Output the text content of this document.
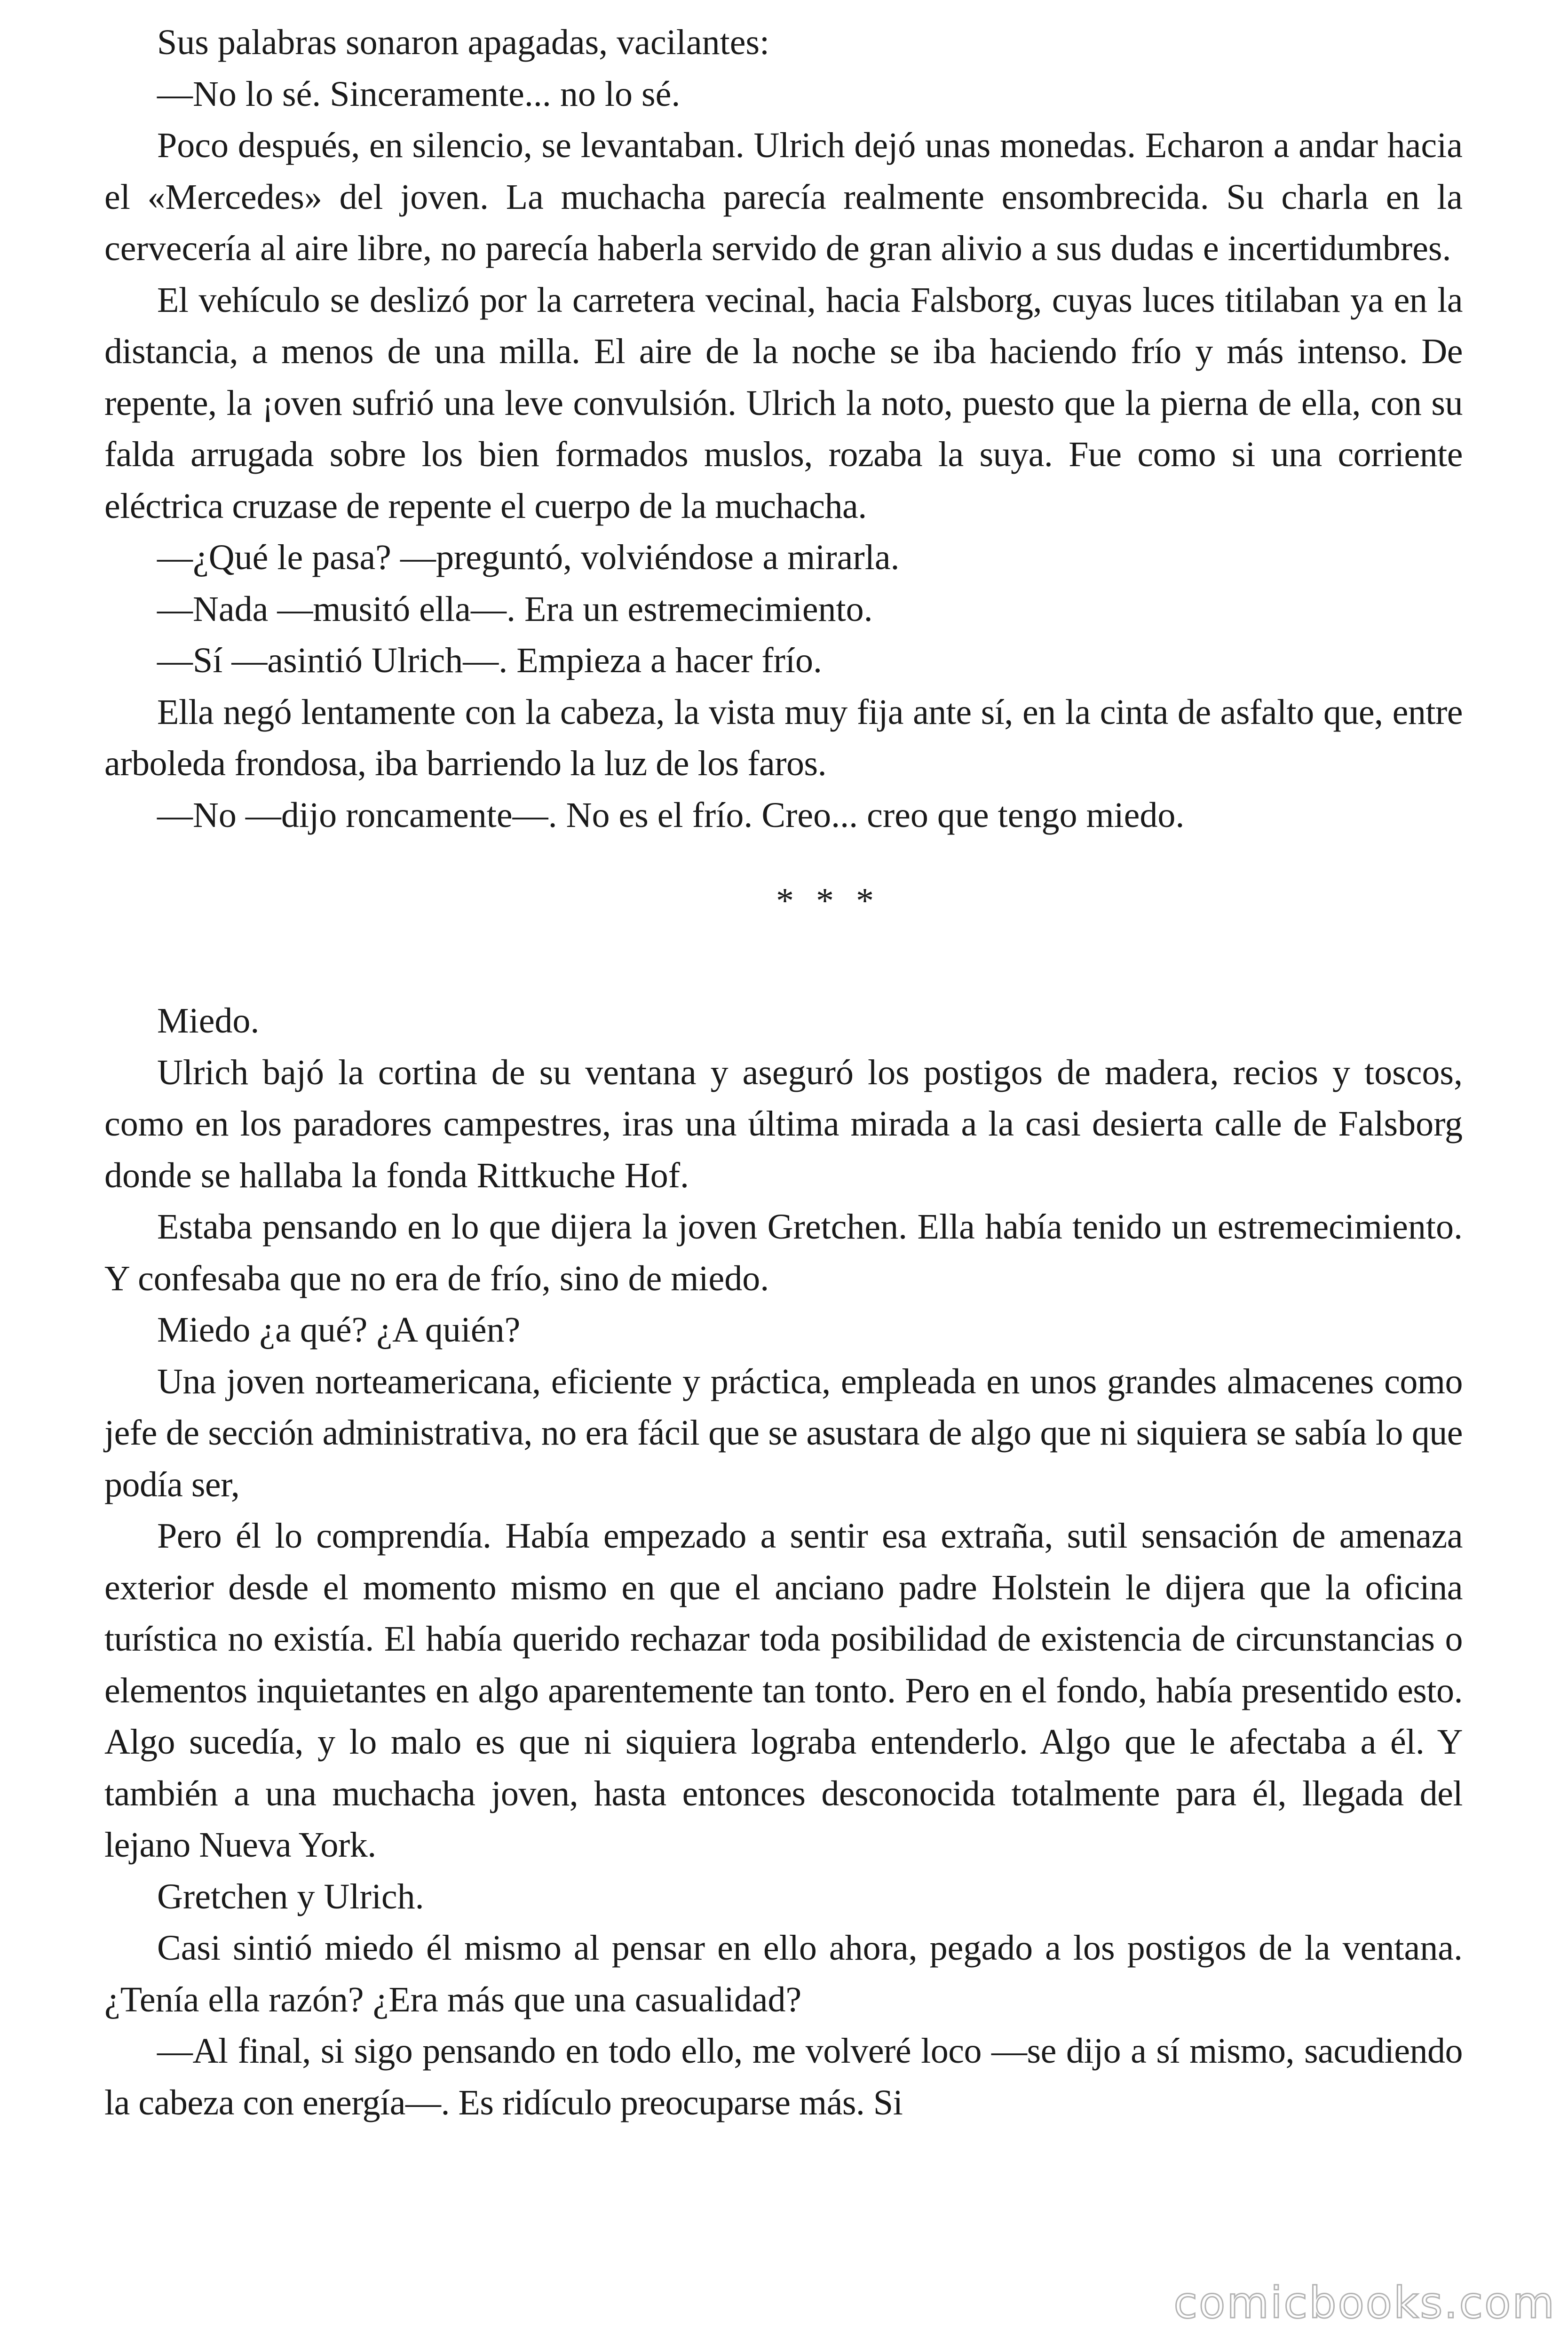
Sus palabras sonaron apagadas, vacilantes:

—No lo sé. Sinceramente... no lo sé.

Poco después, en silencio, se levantaban. Ulrich dejó unas monedas. Echaron a andar hacia el «Mercedes» del joven. La muchacha parecía realmente ensombrecida. Su charla en la cervecería al aire libre, no parecía haberla servido de gran alivio a sus dudas e incertidumbres.

El vehículo se deslizó por la carretera vecinal, hacia Falsborg, cuyas luces titilaban ya en la distancia, a menos de una milla. El aire de la noche se iba haciendo frío y más intenso. De repente, la ¡oven sufrió una leve convulsión. Ulrich la noto, puesto que la pierna de ella, con su falda arrugada sobre los bien formados muslos, rozaba la suya. Fue como si una corriente eléctrica cruzase de repente el cuerpo de la muchacha.

—¿Qué le pasa? —preguntó, volviéndose a mirarla.

—Nada —musitó ella—. Era un estremecimiento.

—Sí —asintió Ulrich—. Empieza a hacer frío.

Ella negó lentamente con la cabeza, la vista muy fija ante sí, en la cinta de asfalto que, entre arboleda frondosa, iba barriendo la luz de los faros.

—No —dijo roncamente—. No es el frío. Creo... creo que tengo miedo.

* * *

Miedo.

Ulrich bajó la cortina de su ventana y aseguró los postigos de madera, recios y toscos, como en los paradores campestres, iras una última mirada a la casi desierta calle de Falsborg donde se hallaba la fonda Rittkuche Hof.

Estaba pensando en lo que dijera la joven Gretchen. Ella había tenido un estremecimiento. Y confesaba que no era de frío, sino de miedo.

Miedo ¿a qué? ¿A quién?

Una joven norteamericana, eficiente y práctica, empleada en unos grandes almacenes como jefe de sección administrativa, no era fácil que se asustara de algo que ni siquiera se sabía lo que podía ser,

Pero él lo comprendía. Había empezado a sentir esa extraña, sutil sensación de amenaza exterior desde el momento mismo en que el anciano padre Holstein le dijera que la oficina turística no existía. El había querido rechazar toda posibilidad de existencia de circunstancias o elementos inquietantes en algo aparentemente tan tonto. Pero en el fondo, había presentido esto. Algo sucedía, y lo malo es que ni siquiera lograba entenderlo. Algo que le afectaba a él. Y también a una muchacha joven, hasta entonces desconocida totalmente para él, llegada del lejano Nueva York.

Gretchen y Ulrich.

Casi sintió miedo él mismo al pensar en ello ahora, pegado a los postigos de la ventana. ¿Tenía ella razón? ¿Era más que una casualidad?

—Al final, si sigo pensando en todo ello, me volveré loco —se dijo a sí mismo, sacudiendo la cabeza con energía—. Es ridículo preocuparse más. Si

comicbooks.com
